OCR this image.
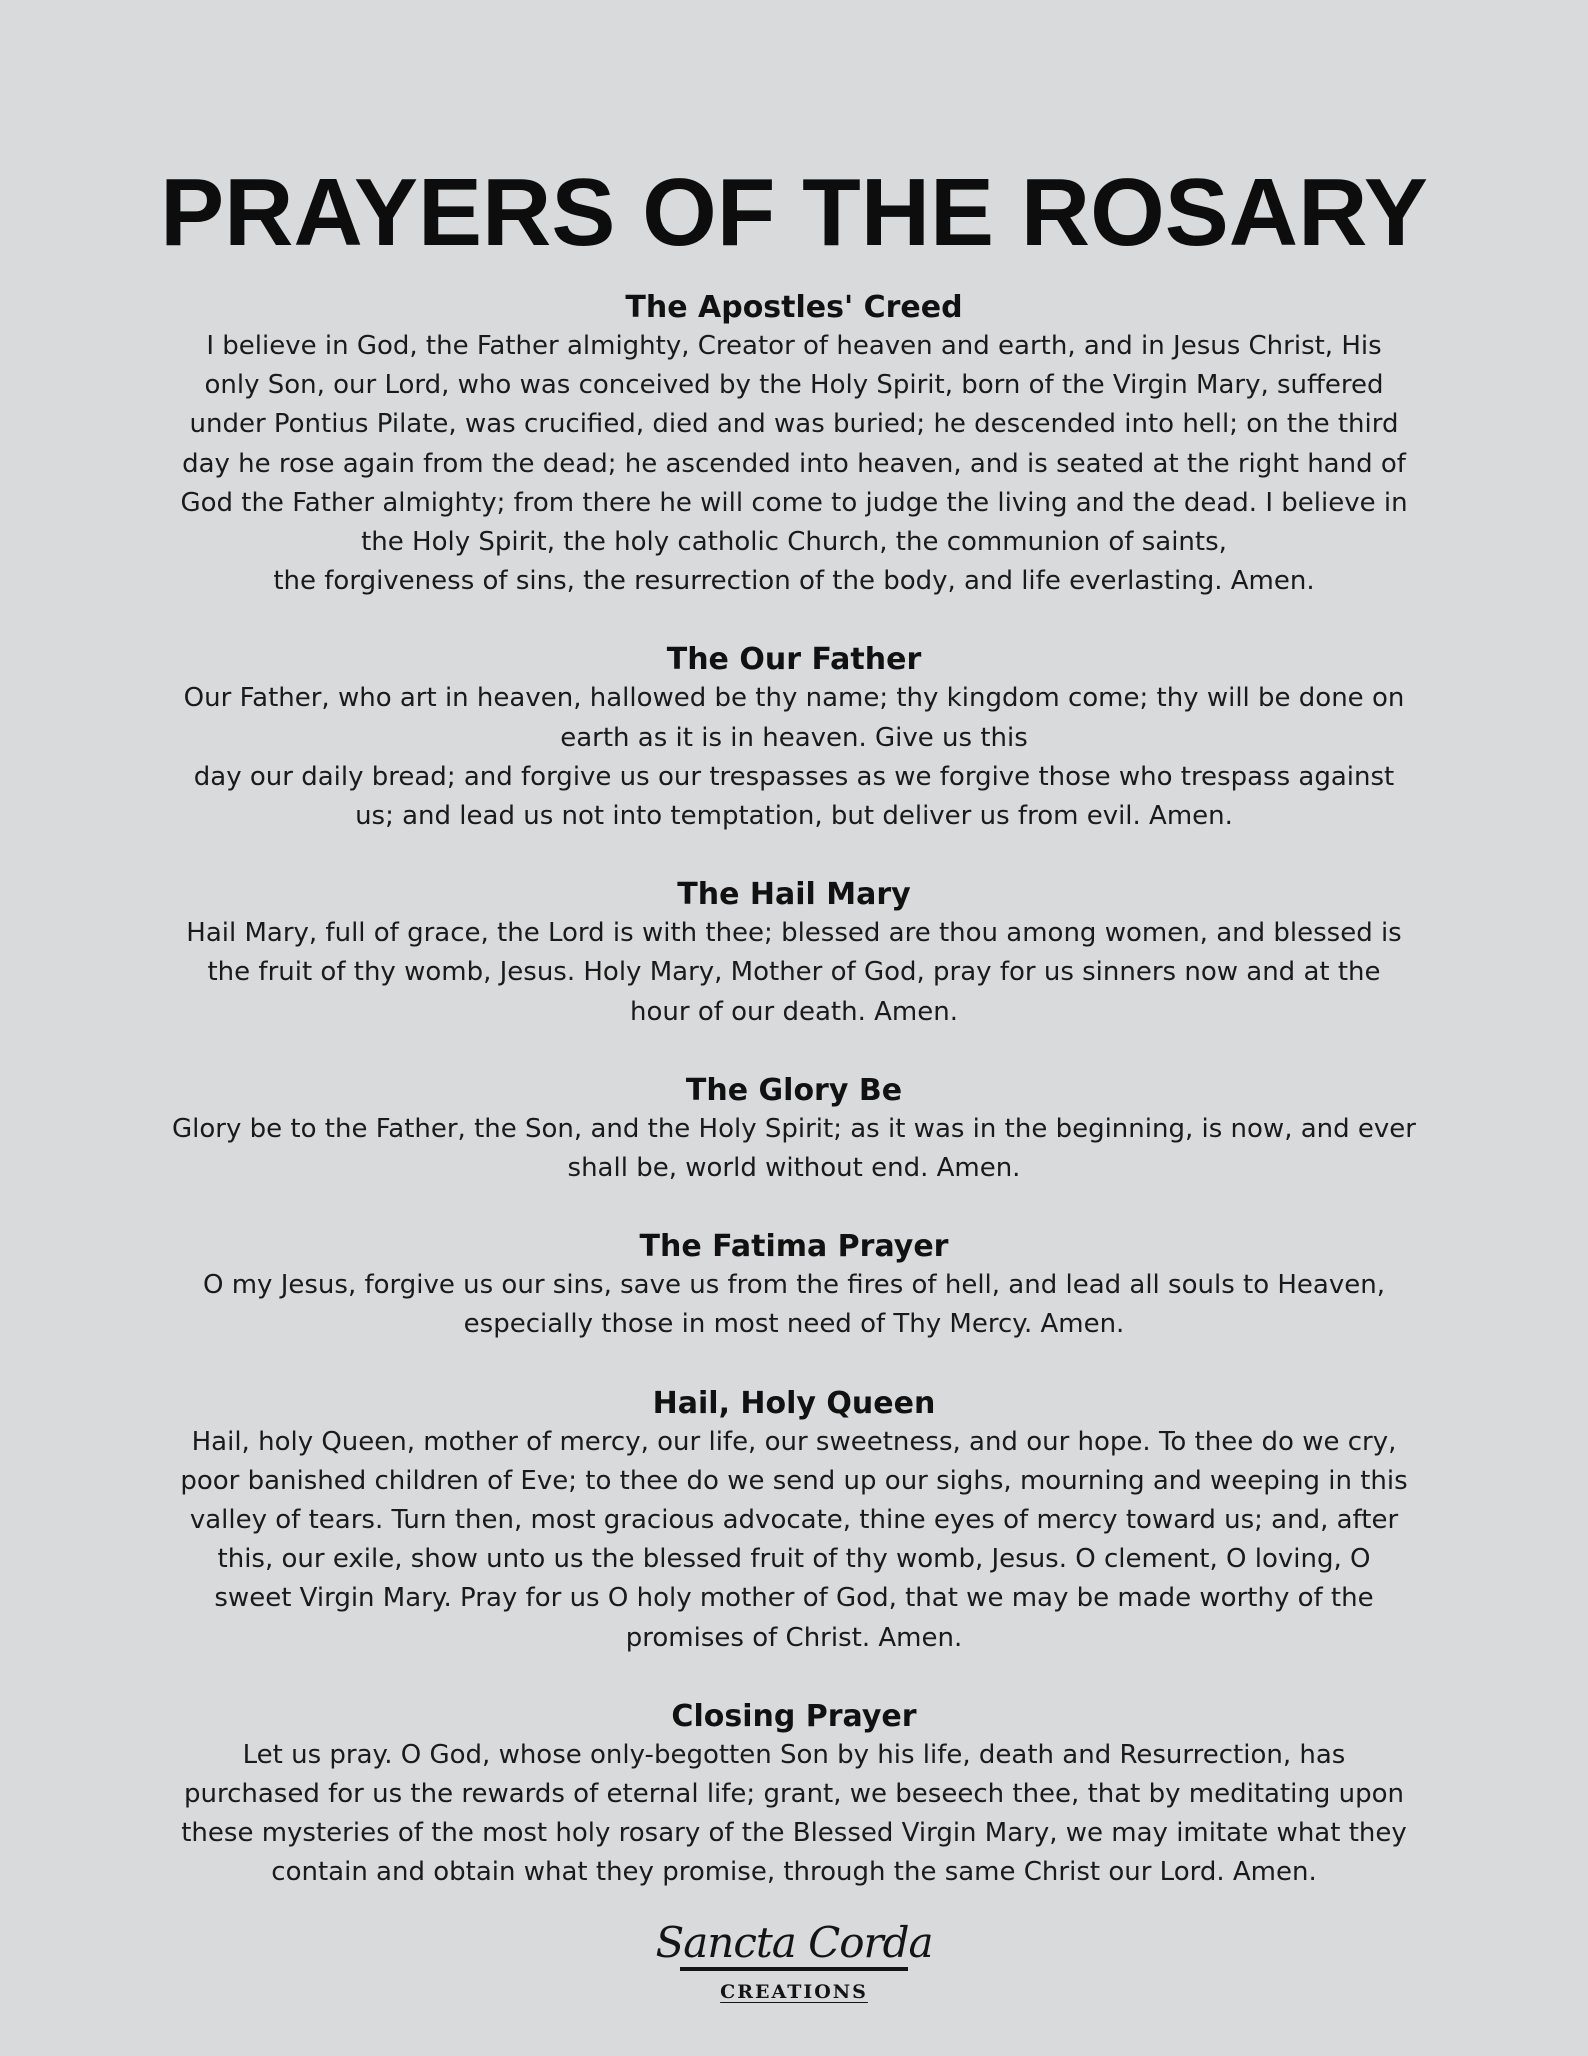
PRAYERS OF THE ROSARY
The Apostles' Creed

I believe in God, the Father almighty, Creator of heaven and earth, and in Jesus Christ, His
only Son, our Lord, who was conceived by the Holy Spirit, born of the Virgin Mary, suffered
under Pontius Pilate, was crucified, died and was buried; he descended into hell; on the third
day he rose again from the dead; he ascended into heaven, and is seated at the right hand of
God the Father almighty; from there he will come to judge the living and the dead. I believe in
the Holy Spirit, the holy catholic Church, the communion of saints,
the forgiveness of sins, the resurrection of the body, and life everlasting. Amen.

The Our Father

Our Father, who art in heaven, hallowed be thy name; thy kingdom come; thy will be done on
earth as it is in heaven. Give us this
day our daily bread; and forgive us our trespasses as we forgive those who trespass against
us; and lead us not into temptation, but deliver us from evil. Amen.

The Hail Mary

Hail Mary, full of grace, the Lord is with thee; blessed are thou among women, and blessed is
the fruit of thy womb, Jesus. Holy Mary, Mother of God, pray for us sinners now and at the
hour of our death. Amen.

The Glory Be

Glory be to the Father, the Son, and the Holy Spirit; as it was in the beginning, is now, and ever
shall be, world without end. Amen.

The Fatima Prayer

O my Jesus, forgive us our sins, save us from the fires of hell, and lead all souls to Heaven,
especially those in most need of Thy Mercy. Amen.

Hail, Holy Queen

Hail, holy Queen, mother of mercy, our life, our sweetness, and our hope. To thee do we cry,
poor banished children of Eve; to thee do we send up our sighs, mourning and weeping in this
valley of tears. Turn then, most gracious advocate, thine eyes of mercy toward us; and, after
this, our exile, show unto us the blessed fruit of thy womb, Jesus. O clement, O loving, O
sweet Virgin Mary. Pray for us O holy mother of God, that we may be made worthy of the
promises of Christ. Amen.

Closing Prayer

Let us pray. O God, whose only-begotten Son by his life, death and Resurrection, has
purchased for us the rewards of eternal life; grant, we beseech thee, that by meditating upon
these mysteries of the most holy rosary of the Blessed Virgin Mary, we may imitate what they
contain and obtain what they promise, through the same Christ our Lord. Amen.

Sancta Corda
CREATIONS
